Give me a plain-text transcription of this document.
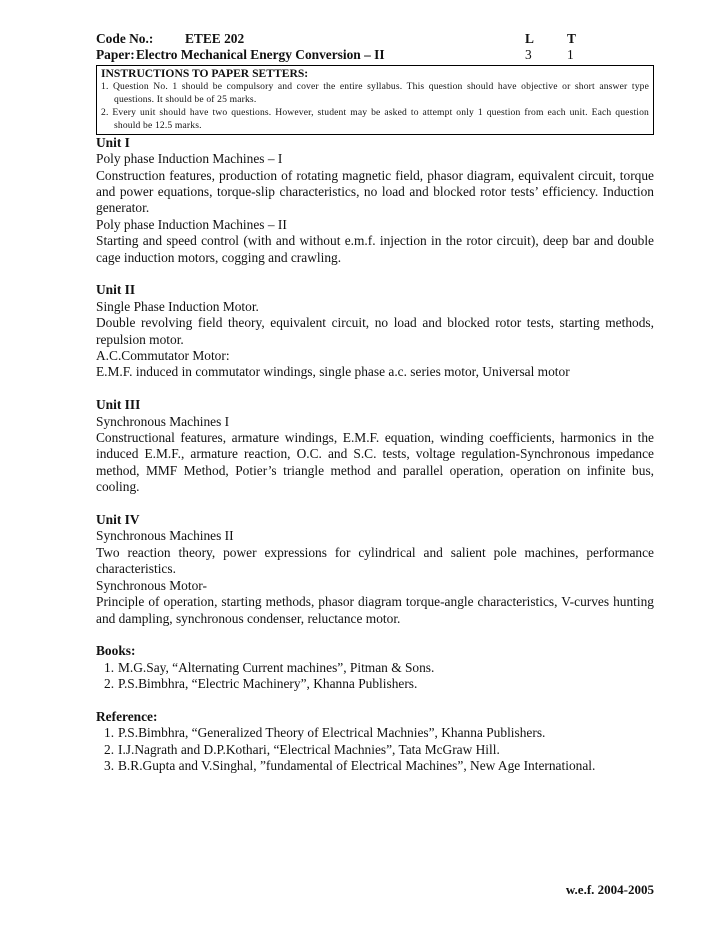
Code No.: ETEE 202	L T
Paper: Electro Mechanical Energy Conversion – II	3	1
INSTRUCTIONS TO PAPER SETTERS:
1. Question No. 1 should be compulsory and cover the entire syllabus. This question should have objective or short answer type questions. It should be of 25 marks.
2. Every unit should have two questions. However, student may be asked to attempt only 1 question from each unit. Each question should be 12.5 marks.

Unit I

Poly phase Induction Machines – I

Construction features, production of rotating magnetic field, phasor diagram, equivalent circuit, torque and power equations, torque-slip characteristics, no load and blocked rotor tests’ efficiency. Induction generator.

Poly phase Induction Machines – II

Starting and speed control (with and without e.m.f. injection in the rotor circuit), deep bar and double cage induction motors, cogging and crawling.

Unit II

Single Phase Induction Motor.

Double revolving field theory, equivalent circuit, no load and blocked rotor tests, starting methods, repulsion motor.

A.C.Commutator Motor:

E.M.F. induced in commutator windings, single phase a.c. series motor, Universal motor

Unit III

Synchronous Machines I

Constructional features, armature windings, E.M.F. equation, winding coefficients, harmonics in the induced E.M.F., armature reaction, O.C. and S.C. tests, voltage regulation-Synchronous impedance method, MMF Method, Potier’s triangle method and parallel operation, operation on infinite bus, cooling.

Unit IV

Synchronous Machines II

Two reaction theory, power expressions for cylindrical and salient pole machines, performance characteristics.

Synchronous Motor-

Principle of operation, starting methods, phasor diagram torque-angle characteristics, V-curves hunting and dampling, synchronous condenser, reluctance motor.

Books:

1. M.G.Say, “Alternating Current machines”, Pitman & Sons.
2. P.S.Bimbhra, “Electric Machinery”, Khanna Publishers.

Reference:

1. P.S.Bimbhra, “Generalized Theory of Electrical Machnies”, Khanna Publishers.
2. I.J.Nagrath and D.P.Kothari, “Electrical Machnies”, Tata McGraw Hill.
3. B.R.Gupta and V.Singhal, ”fundamental of Electrical Machines”, New Age International.
w.e.f. 2004-2005
